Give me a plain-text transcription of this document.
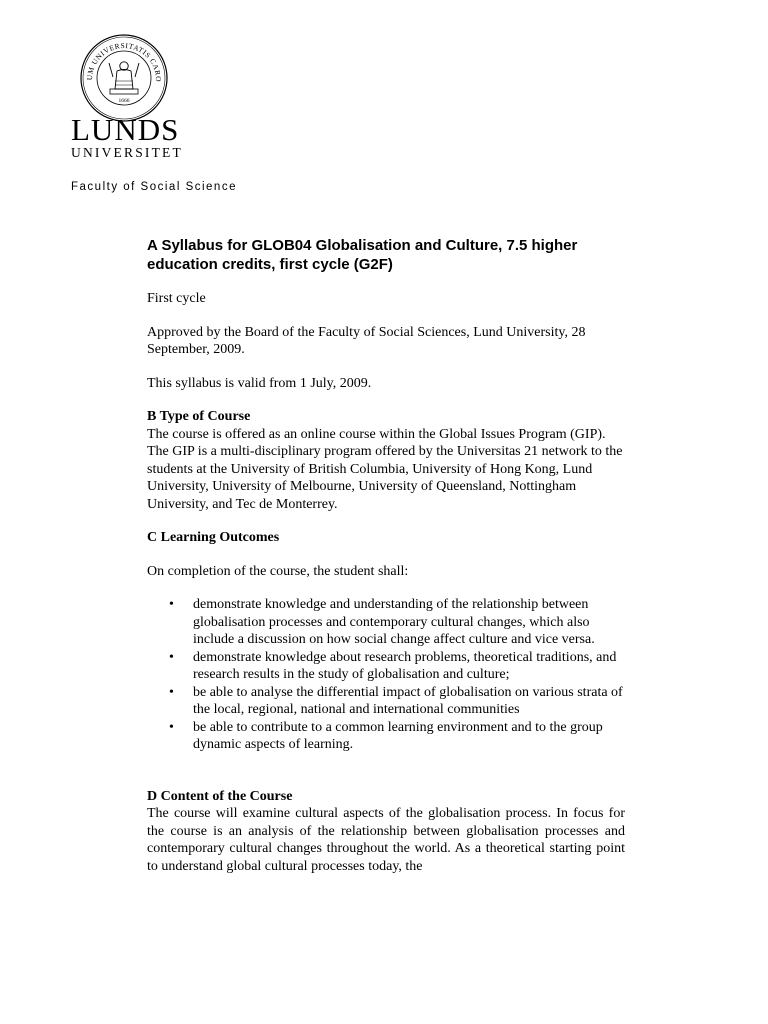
UM UNIVERSITATIS CARO
1666
LUNDS
UNIVERSITET
Faculty of Social Science
A Syllabus for GLOB04 Globalisation and Culture, 7.5 higher education credits, first cycle (G2F)

First cycle

Approved by the Board of the Faculty of Social Sciences, Lund University, 28 September, 2009.

This syllabus is valid from 1 July, 2009.

B Type of Course

The course is offered as an online course within the Global Issues Program (GIP). The GIP is a multi-disciplinary program offered by the Universitas 21 network to the students at the University of British Columbia, University of Hong Kong, Lund University, University of Melbourne, University of Queensland, Nottingham University, and Tec de Monterrey.

C Learning Outcomes

On completion of the course, the student shall:

• demonstrate knowledge and understanding of the relationship between globalisation processes and contemporary cultural changes, which also include a discussion on how social change affect culture and vice versa.
• demonstrate knowledge about research problems, theoretical traditions, and research results in the study of globalisation and culture;
• be able to analyse the differential impact of globalisation on various strata of the local, regional, national and international communities
• be able to contribute to a common learning environment and to the group dynamic aspects of learning.

D Content of the Course

The course will examine cultural aspects of the globalisation process. In focus for the course is an analysis of the relationship between globalisation processes and contemporary cultural changes throughout the world. As a theoretical starting point to understand global cultural processes today, the
